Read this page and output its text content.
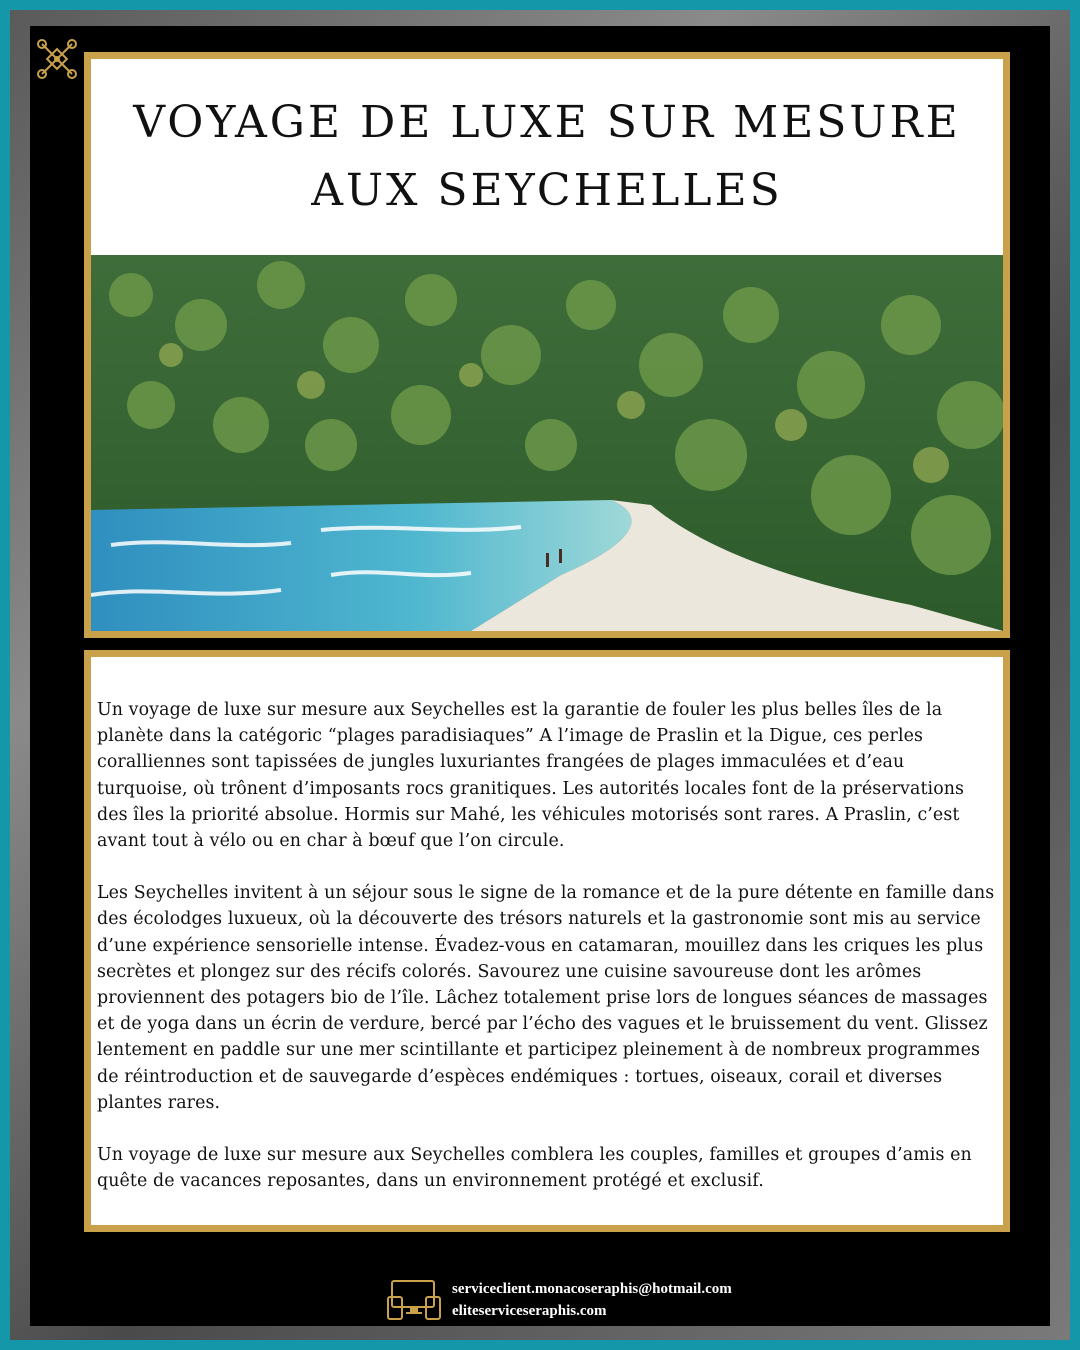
VOYAGE DE LUXE SUR MESURE
AUX SEYCHELLES

Un voyage de luxe sur mesure aux Seychelles est la garantie de fouler les plus belles îles de la planète dans la catégoric “plages paradisiaques” A l’image de Praslin et la Digue, ces perles coralliennes sont tapissées de jungles luxuriantes frangées de plages immaculées et d’eau turquoise, où trônent d’imposants rocs granitiques. Les autorités locales font de la préservations des îles la priorité absolue. Hormis sur Mahé, les véhicules motorisés sont rares. A Praslin, c’est avant tout à vélo ou en char à bœuf que l’on circule.

Les Seychelles invitent à un séjour sous le signe de la romance et de la pure détente en famille dans des écolodges luxueux, où la découverte des trésors naturels et la gastronomie sont mis au service d’une expérience sensorielle intense. Évadez-vous en catamaran, mouillez dans les criques les plus secrètes et plongez sur des récifs colorés. Savourez une cuisine savoureuse dont les arômes proviennent des potagers bio de l’île. Lâchez totalement prise lors de longues séances de massages et de yoga dans un écrin de verdure, bercé par l’écho des vagues et le bruissement du vent. Glissez lentement en paddle sur une mer scintillante et participez pleinement à de nombreux programmes de réintroduction et de sauvegarde d’espèces endémiques : tortues, oiseaux, corail et diverses plantes rares.

Un voyage de luxe sur mesure aux Seychelles comblera les couples, familles et groupes d’amis en quête de vacances reposantes, dans un environnement protégé et exclusif.

serviceclient.monacoseraphis@hotmail.com
eliteserviceseraphis.com
